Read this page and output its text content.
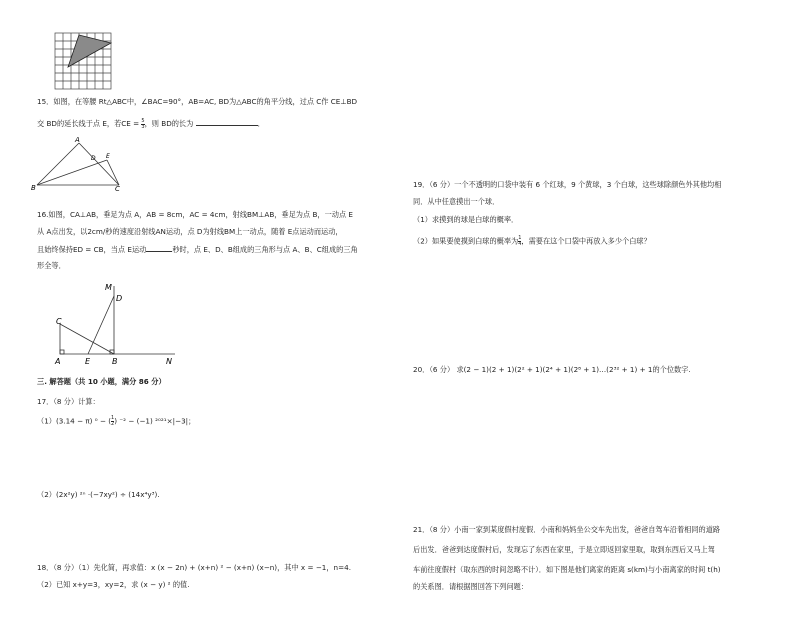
15．如图，在等腰 Rt△ABC中，∠BAC=90°，AB=AC, BD为△ABC的角平分线，过点 C作 CE⊥BD
交 BD的延长线于点 E，若CE = $\frac{5}{3}$ ，则 BD的长为	．
A
B	C
D E
16.如图，CA⊥AB，垂足为点 A，AB = 8cm，AC = 4cm，射线BM⊥AB，垂足为点 B，一动点 E
从 A点出发，以2cm/秒的速度沿射线AN运动，点 D为射线BM上一动点，随着 E点运动而运动，
且始终保持ED = CB，当点 E运动	秒时，点 E、D、B组成的三角形与点 A、B、C组成的三角
形全等．
M
D
C
A	E	B	N
三. 解答题（共 10 小题，满分 86 分）
17．（8 分）计算：
（1）(3.14 − π) ⁰ − ( $\frac{1}{2}$ ) ⁻² − (−1) ²⁰²¹×|−3|；
（2）(2x²y) ²ⁿ ·(−7xy²) ÷ (14x⁴y³).
18．（8 分）（1）先化简，再求值：x (x − 2n) + (x+n) ² − (x+n) (x−n)，其中 x = −1，n=4.
（2）已知 x+y=3，xy=2，求 (x − y) ² 的值.
19．（6 分）一个不透明的口袋中装有 6 个红球，9 个黄球，3 个白球，这些球除颜色外其他均相
同．从中任意摸出一个球．
（1）求摸到的球是白球的概率．
（2）如果要使摸到白球的概率为 $\frac{1}{4}$ ，需要在这个口袋中再放入多少个白球？
20．（6 分） 求(2 − 1)(2 + 1)(2² + 1)(2⁴ + 1)(2⁸ + 1)…(2³² + 1) + 1的个位数字.
21．（8 分）小南一家到某度假村度假．小南和妈妈坐公交车先出发，爸爸自驾车沿着相同的道路
后出发．爸爸到达度假村后，发现忘了东西在家里，于是立即返回家里取，取到东西后又马上驾
车前往度假村（取东西的时间忽略不计）．如下图是他们离家的距离 s(km)与小南离家的时间 t(h)
的关系图．请根据图回答下列问题：
